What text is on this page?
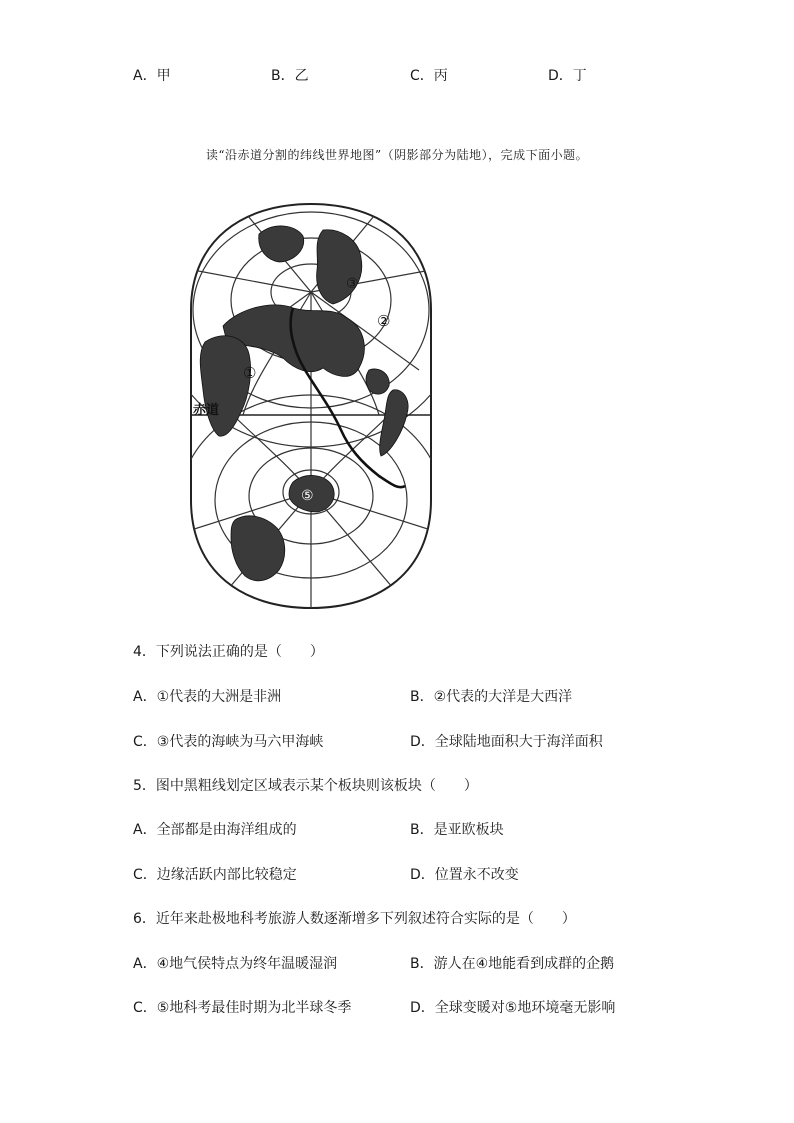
A．甲	B．乙	C．丙	D．丁
读“沿赤道分割的纬线世界地图”（阴影部分为陆地），完成下面小题。
①
②
③
⑤
赤道
4．下列说法正确的是（　　）
A．①代表的大洲是非洲	B．②代表的大洋是大西洋
C．③代表的海峡为马六甲海峡	D．全球陆地面积大于海洋面积
5．图中黑粗线划定区域表示某个板块则该板块（　　）
A．全部都是由海洋组成的	B．是亚欧板块
C．边缘活跃内部比较稳定	D．位置永不改变
6．近年来赴极地科考旅游人数逐渐增多下列叙述符合实际的是（　　）
A．④地气侯特点为终年温暖湿润	B．游人在④地能看到成群的企鹅
C．⑤地科考最佳时期为北半球冬季	D．全球变暖对⑤地环境毫无影响
